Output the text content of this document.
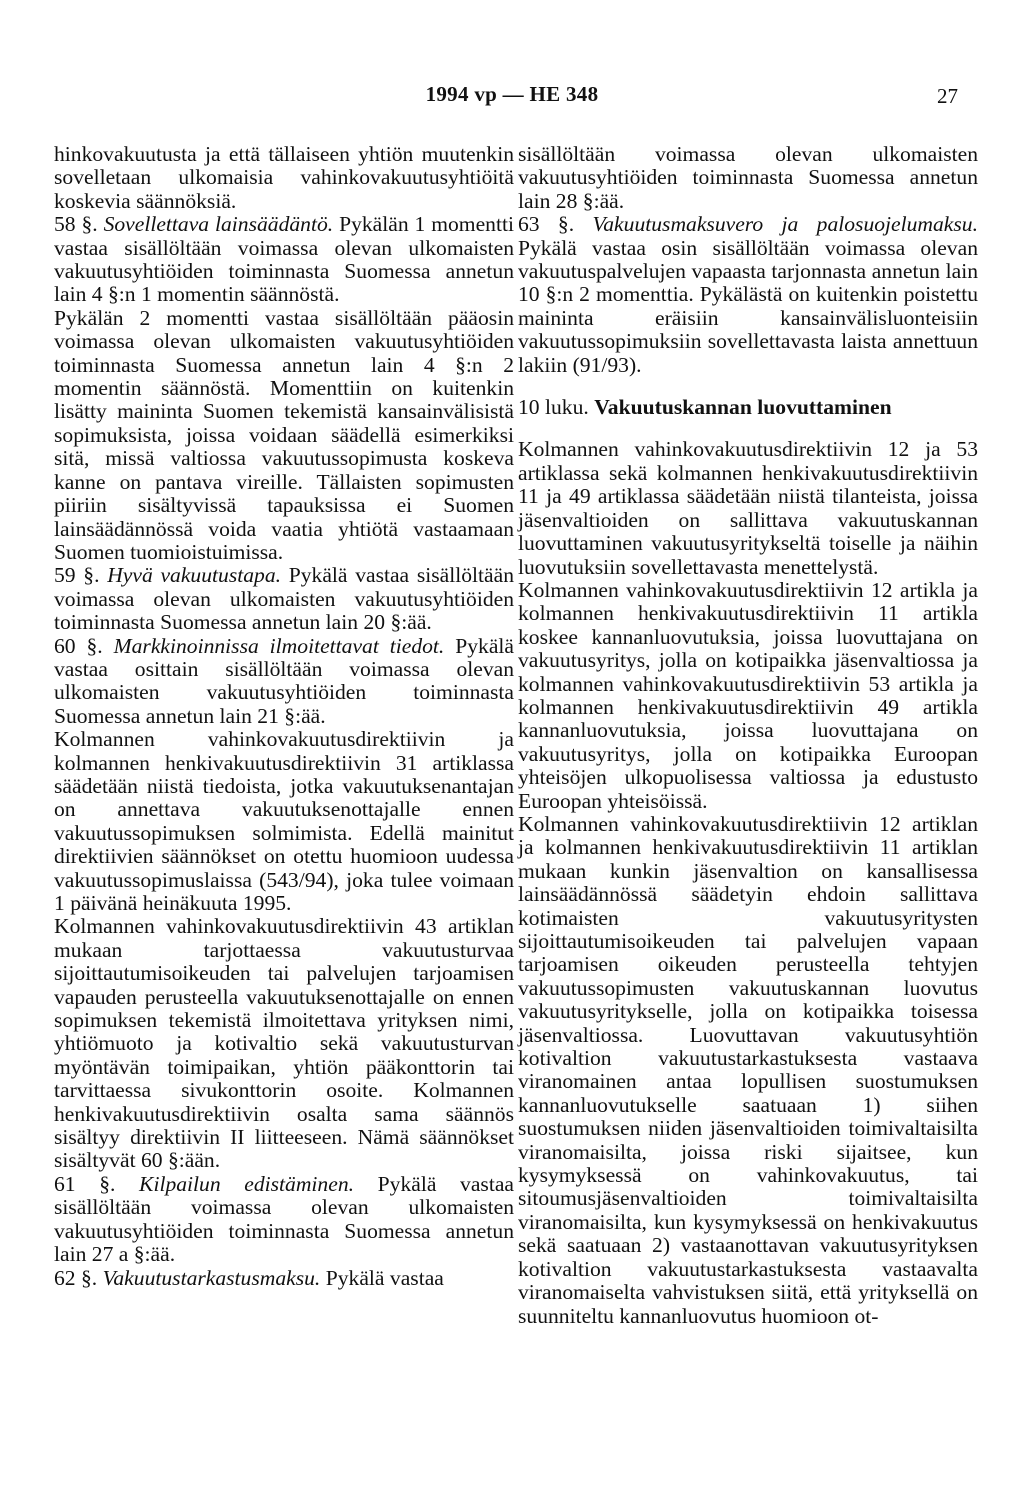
1994 vp — HE 348	27

hinkovakuutusta ja että tällaiseen yhtiön muutenkin sovelletaan ulkomaisia vahinkovakuutusyhtiöitä koskevia säännöksiä.

58 §. Sovellettava lainsäädäntö. Pykälän 1 momentti vastaa sisällöltään voimassa olevan ulkomaisten vakuutusyhtiöiden toiminnasta Suomessa annetun lain 4 §:n 1 momentin säännöstä.

Pykälän 2 momentti vastaa sisällöltään pääosin voimassa olevan ulkomaisten vakuutusyhtiöiden toiminnasta Suomessa annetun lain 4 §:n 2 momentin säännöstä. Momenttiin on kuitenkin lisätty maininta Suomen tekemistä kansainvälisistä sopimuksista, joissa voidaan säädellä esimerkiksi sitä, missä valtiossa vakuutussopimusta koskeva kanne on pantava vireille. Tällaisten sopimusten piiriin sisältyvissä tapauksissa ei Suomen lainsäädännössä voida vaatia yhtiötä vastaamaan Suomen tuomioistuimissa.

59 §. Hyvä vakuutustapa. Pykälä vastaa sisällöltään voimassa olevan ulkomaisten vakuutusyhtiöiden toiminnasta Suomessa annetun lain 20 §:ää.

60 §. Markkinoinnissa ilmoitettavat tiedot. Pykälä vastaa osittain sisällöltään voimassa olevan ulkomaisten vakuutusyhtiöiden toiminnasta Suomessa annetun lain 21 §:ää.

Kolmannen vahinkovakuutusdirektiivin ja kolmannen henkivakuutusdirektiivin 31 artiklassa säädetään niistä tiedoista, jotka vakuutuksenantajan on annettava vakuutuksenottajalle ennen vakuutussopimuksen solmimista. Edellä mainitut direktiivien säännökset on otettu huomioon uudessa vakuutussopimuslaissa (543/94), joka tulee voimaan 1 päivänä heinäkuuta 1995.

Kolmannen vahinkovakuutusdirektiivin 43 artiklan mukaan tarjottaessa vakuutusturvaa sijoittautumisoikeuden tai palvelujen tarjoamisen vapauden perusteella vakuutuksenottajalle on ennen sopimuksen tekemistä ilmoitettava yrityksen nimi, yhtiömuoto ja kotivaltio sekä vakuutusturvan myöntävän toimipaikan, yhtiön pääkonttorin tai tarvittaessa sivukonttorin osoite. Kolmannen henkivakuutusdirektiivin osalta sama säännös sisältyy direktiivin II liitteeseen. Nämä säännökset sisältyvät 60 §:ään.

61 §. Kilpailun edistäminen. Pykälä vastaa sisällöltään voimassa olevan ulkomaisten vakuutusyhtiöiden toiminnasta Suomessa annetun lain 27 a §:ää.

62 §. Vakuutustarkastusmaksu. Pykälä vastaa

sisällöltään voimassa olevan ulkomaisten vakuutusyhtiöiden toiminnasta Suomessa annetun lain 28 §:ää.

63 §. Vakuutusmaksuvero ja palosuojelumaksu. Pykälä vastaa osin sisällöltään voimassa olevan vakuutuspalvelujen vapaasta tarjonnasta annetun lain 10 §:n 2 momenttia. Pykälästä on kuitenkin poistettu maininta eräisiin kansainvälisluonteisiin vakuutussopimuksiin sovellettavasta laista annettuun lakiin (91/93).

10 luku. Vakuutuskannan luovuttaminen

Kolmannen vahinkovakuutusdirektiivin 12 ja 53 artiklassa sekä kolmannen henkivakuutusdirektiivin 11 ja 49 artiklassa säädetään niistä tilanteista, joissa jäsenvaltioiden on sallittava vakuutuskannan luovuttaminen vakuutusyritykseltä toiselle ja näihin luovutuksiin sovellettavasta menettelystä.

Kolmannen vahinkovakuutusdirektiivin 12 artikla ja kolmannen henkivakuutusdirektiivin 11 artikla koskee kannanluovutuksia, joissa luovuttajana on vakuutusyritys, jolla on kotipaikka jäsenvaltiossa ja kolmannen vahinkovakuutusdirektiivin 53 artikla ja kolmannen henkivakuutusdirektiivin 49 artikla kannanluovutuksia, joissa luovuttajana on vakuutusyritys, jolla on kotipaikka Euroopan yhteisöjen ulkopuolisessa valtiossa ja edustusto Euroopan yhteisöissä.

Kolmannen vahinkovakuutusdirektiivin 12 artiklan ja kolmannen henkivakuutusdirektiivin 11 artiklan mukaan kunkin jäsenvaltion on kansallisessa lainsäädännössä säädetyin ehdoin sallittava kotimaisten vakuutusyritysten sijoittautumisoikeuden tai palvelujen vapaan tarjoamisen oikeuden perusteella tehtyjen vakuutussopimusten vakuutuskannan luovutus vakuutusyritykselle, jolla on kotipaikka toisessa jäsenvaltiossa. Luovuttavan vakuutusyhtiön kotivaltion vakuutustarkastuksesta vastaava viranomainen antaa lopullisen suostumuksen kannanluovutukselle saatuaan 1) siihen suostumuksen niiden jäsenvaltioiden toimivaltaisilta viranomaisilta, joissa riski sijaitsee, kun kysymyksessä on vahinkovakuutus, tai sitoumusjäsenvaltioiden toimivaltaisilta viranomaisilta, kun kysymyksessä on henkivakuutus sekä saatuaan 2) vastaanottavan vakuutusyrityksen kotivaltion vakuutustarkastuksesta vastaavalta viranomaiselta vahvistuksen siitä, että yrityksellä on suunniteltu kannanluovutus huomioon ot-
